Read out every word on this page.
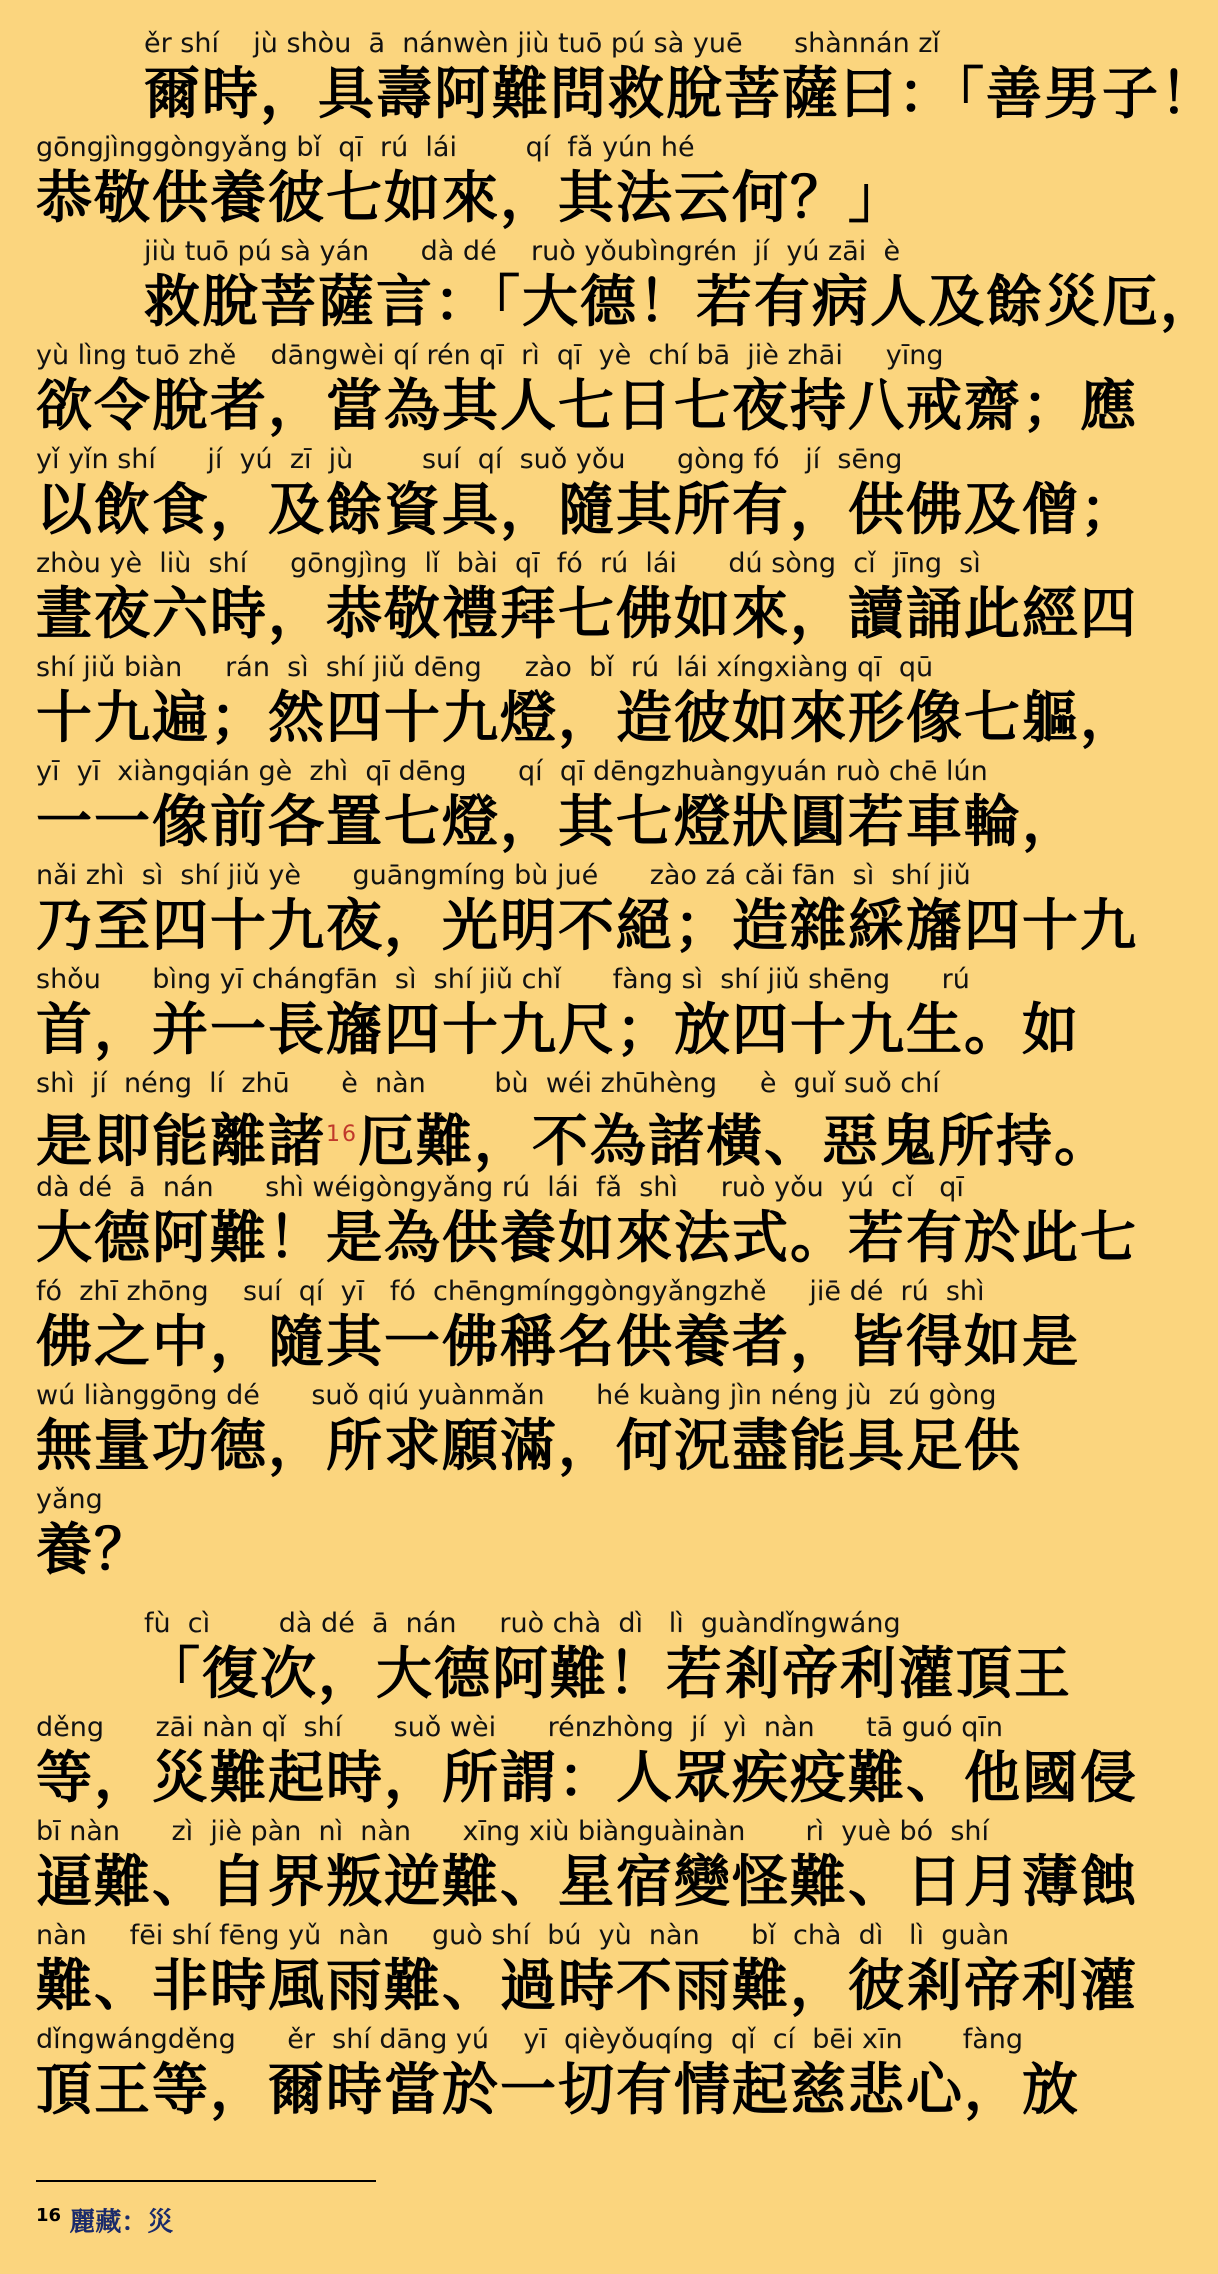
ěr shí    jù shòu  ā  nánwèn jiù tuō pú sà yuē      shànnán zǐ
爾時，具壽阿難問救脫菩薩曰：「善男子！
gōngjìnggòngyǎng bǐ  qī  rú  lái        qí  fǎ yún hé
恭敬供養彼七如來，其法云何？」
jiù tuō pú sà yán      dà dé    ruò yǒubìngrén  jí  yú zāi  è
救脫菩薩言：「大德！若有病人及餘災厄，
yù lìng tuō zhě    dāngwèi qí rén qī  rì  qī  yè  chí bā  jiè zhāi     yīng
欲令脫者，當為其人七日七夜持八戒齋；應
yǐ yǐn shí      jí  yú  zī  jù        suí  qí  suǒ yǒu      gòng fó   jí  sēng
以飲食，及餘資具，隨其所有，供佛及僧；
zhòu yè  liù  shí     gōngjìng  lǐ  bài  qī  fó  rú  lái      dú sòng  cǐ  jīng  sì
晝夜六時，恭敬禮拜七佛如來，讀誦此經四
shí jiǔ biàn     rán  sì  shí jiǔ dēng     zào  bǐ  rú  lái xíngxiàng qī  qū
十九遍；然四十九燈，造彼如來形像七軀，
yī  yī  xiàngqián gè  zhì  qī dēng      qí  qī dēngzhuàngyuán ruò chē lún
一一像前各置七燈，其七燈狀圓若車輪，
nǎi zhì  sì  shí jiǔ yè      guāngmíng bù jué      zào zá cǎi fān  sì  shí jiǔ
乃至四十九夜，光明不絕；造雜綵旛四十九
shǒu      bìng yī chángfān  sì  shí jiǔ chǐ      fàng sì  shí jiǔ shēng      rú
首，并一長旛四十九尺；放四十九生。如
shì  jí  néng  lí  zhū      è  nàn        bù  wéi zhūhèng     è  guǐ suǒ chí
是即能離諸$^{16}$厄難，不為諸橫、惡鬼所持。
dà dé  ā  nán      shì wéigòngyǎng rú  lái  fǎ  shì     ruò yǒu  yú  cǐ   qī
大德阿難！是為供養如來法式。若有於此七
fó  zhī zhōng    suí  qí  yī   fó  chēngmínggòngyǎngzhě     jiē dé  rú  shì
佛之中，隨其一佛稱名供養者，皆得如是
wú liànggōng dé      suǒ qiú yuànmǎn      hé kuàng jìn néng jù  zú gòng
無量功德，所求願滿，何況盡能具足供
yǎng
養？
fù  cì        dà dé  ā  nán     ruò chà  dì   lì  guàndǐngwáng
「復次，大德阿難！若剎帝利灌頂王
děng      zāi nàn qǐ  shí      suǒ wèi      rénzhòng  jí  yì  nàn      tā guó qīn
等，災難起時，所謂：人眾疾疫難、他國侵
bī nàn      zì  jiè pàn  nì  nàn      xīng xiù biànguàinàn       rì  yuè bó  shí
逼難、自界叛逆難、星宿變怪難、日月薄蝕
nàn     fēi shí fēng yǔ  nàn     guò shí  bú  yù  nàn      bǐ  chà  dì   lì  guàn
難、非時風雨難、過時不雨難，彼剎帝利灌
dǐngwángděng      ěr  shí dāng yú    yī  qièyǒuqíng  qǐ  cí  bēi xīn       fàng
頂王等，爾時當於一切有情起慈悲心，放
$^{16}$ 麗藏：災
